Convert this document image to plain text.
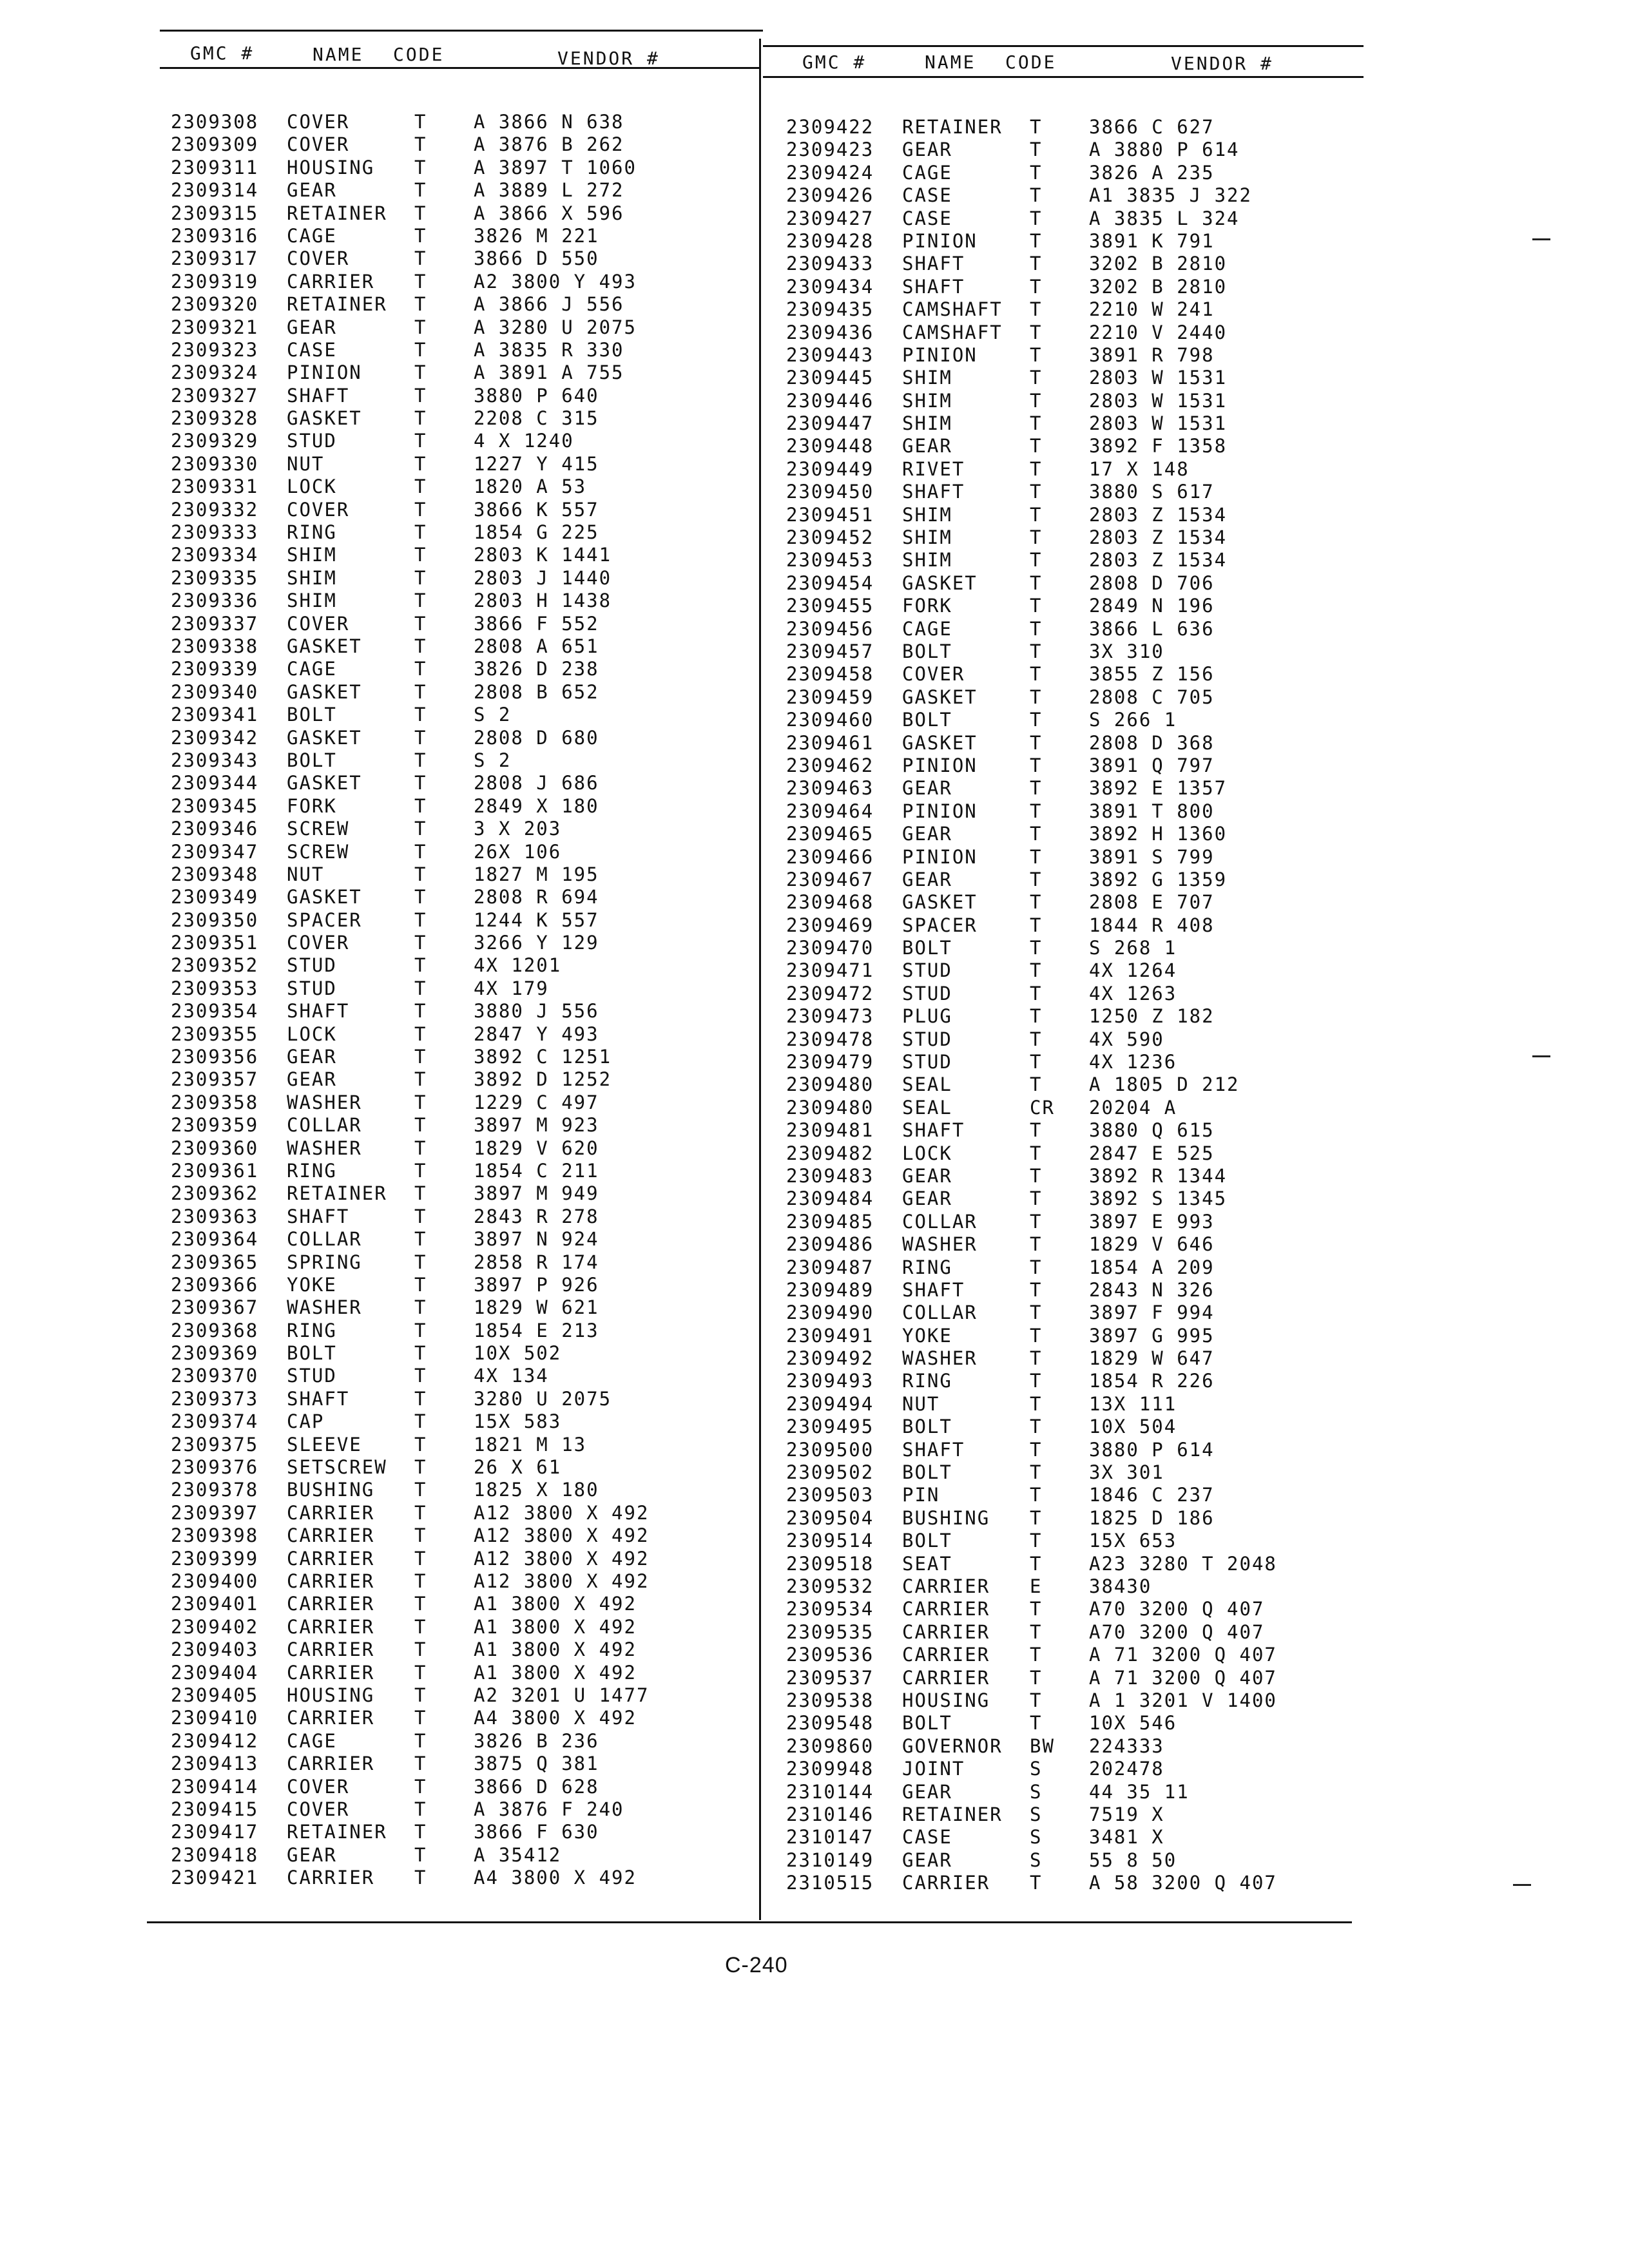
GMC #	NAME CODE	VENDOR #	GMC #	NAME CODE	VENDOR #
2309308 COVER	T	A 3866 N 638
2309309 COVER	T	A 3876 B 262
2309311 HOUSING T	A 3897 T 1060
2309314 GEAR	T	A 3889 L 272
2309315 RETAINER T	A 3866 X 596
2309316 CAGE	T	3826 M 221
2309317 COVER	T	3866 D 550
2309319 CARRIER T	A2 3800 Y 493
2309320 RETAINER T	A 3866 J 556
2309321 GEAR	T	A 3280 U 2075
2309323 CASE	T	A 3835 R 330
2309324 PINION	T	A 3891 A 755
2309327 SHAFT	T	3880 P 640
2309328 GASKET	T	2208 C 315
2309329 STUD	T	4 X 1240
2309330 NUT	T	1227 Y 415
2309331 LOCK	T	1820 A 53
2309332 COVER	T	3866 K 557
2309333 RING	T	1854 G 225
2309334 SHIM	T	2803 K 1441
2309335 SHIM	T	2803 J 1440
2309336 SHIM	T	2803 H 1438
2309337 COVER	T	3866 F 552
2309338 GASKET	T	2808 A 651
2309339 CAGE	T	3826 D 238
2309340 GASKET	T	2808 B 652
2309341 BOLT	T	S 2
2309342 GASKET	T	2808 D 680
2309343 BOLT	T	S 2
2309344 GASKET	T	2808 J 686
2309345 FORK	T	2849 X 180
2309346 SCREW	T	3 X 203
2309347 SCREW	T	26X 106
2309348 NUT	T	1827 M 195
2309349 GASKET	T	2808 R 694
2309350 SPACER	T	1244 K 557
2309351 COVER	T	3266 Y 129
2309352 STUD	T	4X 1201
2309353 STUD	T	4X 179
2309354 SHAFT	T	3880 J 556
2309355 LOCK	T	2847 Y 493
2309356 GEAR	T	3892 C 1251
2309357 GEAR	T	3892 D 1252
2309358 WASHER	T	1229 C 497
2309359 COLLAR	T	3897 M 923
2309360 WASHER	T	1829 V 620
2309361 RING	T	1854 C 211
2309362 RETAINER T	3897 M 949
2309363 SHAFT	T	2843 R 278
2309364 COLLAR	T	3897 N 924
2309365 SPRING	T	2858 R 174
2309366 YOKE	T	3897 P 926
2309367 WASHER	T	1829 W 621
2309368 RING	T	1854 E 213
2309369 BOLT	T	10X 502
2309370 STUD	T	4X 134
2309373 SHAFT	T	3280 U 2075
2309374 CAP	T	15X 583
2309375 SLEEVE	T	1821 M 13
2309376 SETSCREW T	26 X 61
2309378 BUSHING T	1825 X 180
2309397 CARRIER T	A12 3800 X 492
2309398 CARRIER T	A12 3800 X 492
2309399 CARRIER T	A12 3800 X 492
2309400 CARRIER T	A12 3800 X 492
2309401 CARRIER T	A1 3800 X 492
2309402 CARRIER T	A1 3800 X 492
2309403 CARRIER T	A1 3800 X 492
2309404 CARRIER T	A1 3800 X 492
2309405 HOUSING T	A2 3201 U 1477
2309410 CARRIER T	A4 3800 X 492
2309412 CAGE	T	3826 B 236
2309413 CARRIER T	3875 Q 381
2309414 COVER	T	3866 D 628
2309415 COVER	T	A 3876 F 240
2309417 RETAINER T	3866 F 630
2309418 GEAR	T	A 35412
2309421 CARRIER T	A4 3800 X 492
2309422 RETAINER T	3866 C 627
2309423 GEAR	T	A 3880 P 614
2309424 CAGE	T	3826 A 235
2309426 CASE	T	A1 3835 J 322
2309427 CASE	T	A 3835 L 324
2309428 PINION	T	3891 K 791
2309433 SHAFT	T	3202 B 2810
2309434 SHAFT	T	3202 B 2810
2309435 CAMSHAFT T	2210 W 241
2309436 CAMSHAFT T	2210 V 2440
2309443 PINION	T	3891 R 798
2309445 SHIM	T	2803 W 1531
2309446 SHIM	T	2803 W 1531
2309447 SHIM	T	2803 W 1531
2309448 GEAR	T	3892 F 1358
2309449 RIVET	T	17 X 148
2309450 SHAFT	T	3880 S 617
2309451 SHIM	T	2803 Z 1534
2309452 SHIM	T	2803 Z 1534
2309453 SHIM	T	2803 Z 1534
2309454 GASKET	T	2808 D 706
2309455 FORK	T	2849 N 196
2309456 CAGE	T	3866 L 636
2309457 BOLT	T	3X 310
2309458 COVER	T	3855 Z 156
2309459 GASKET	T	2808 C 705
2309460 BOLT	T	S 266 1
2309461 GASKET	T	2808 D 368
2309462 PINION	T	3891 Q 797
2309463 GEAR	T	3892 E 1357
2309464 PINION	T	3891 T 800
2309465 GEAR	T	3892 H 1360
2309466 PINION	T	3891 S 799
2309467 GEAR	T	3892 G 1359
2309468 GASKET	T	2808 E 707
2309469 SPACER	T	1844 R 408
2309470 BOLT	T	S 268 1
2309471 STUD	T	4X 1264
2309472 STUD	T	4X 1263
2309473 PLUG	T	1250 Z 182
2309478 STUD	T	4X 590
2309479 STUD	T	4X 1236
2309480 SEAL	T	A 1805 D 212
2309480 SEAL	CR 20204 A
2309481 SHAFT	T	3880 Q 615
2309482 LOCK	T	2847 E 525
2309483 GEAR	T	3892 R 1344
2309484 GEAR	T	3892 S 1345
2309485 COLLAR	T	3897 E 993
2309486 WASHER	T	1829 V 646
2309487 RING	T	1854 A 209
2309489 SHAFT	T	2843 N 326
2309490 COLLAR	T	3897 F 994
2309491 YOKE	T	3897 G 995
2309492 WASHER	T	1829 W 647
2309493 RING	T	1854 R 226
2309494 NUT	T	13X 111
2309495 BOLT	T	10X 504
2309500 SHAFT	T	3880 P 614
2309502 BOLT	T	3X 301
2309503 PIN	T	1846 C 237
2309504 BUSHING T	1825 D 186
2309514 BOLT	T	15X 653
2309518 SEAT	T	A23 3280 T 2048
2309532 CARRIER E	38430
2309534 CARRIER T	A70 3200 Q 407
2309535 CARRIER T	A70 3200 Q 407
2309536 CARRIER T	A 71 3200 Q 407
2309537 CARRIER T	A 71 3200 Q 407
2309538 HOUSING T	A 1 3201 V 1400
2309548 BOLT	T	10X 546
2309860 GOVERNOR BW 224333
2309948 JOINT	S	202478
2310144 GEAR	S	44 35 11
2310146 RETAINER S	7519 X
2310147 CASE	S	3481 X
2310149 GEAR	S	55 8 50
2310515 CARRIER T	A 58 3200 Q 407
C-240
